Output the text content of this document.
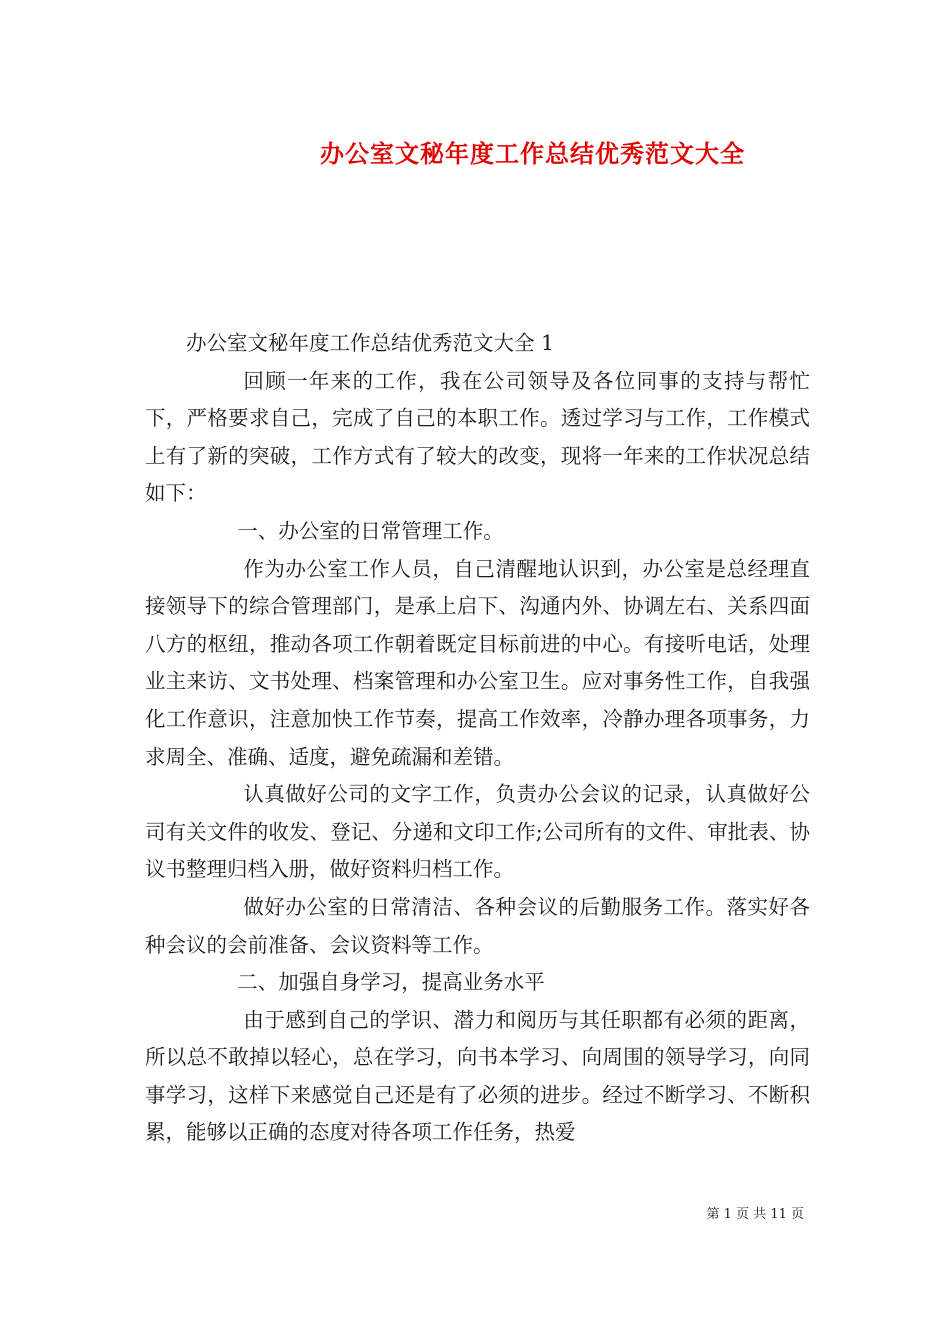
办公室文秘年度工作总结优秀范文大全

办公室文秘年度工作总结优秀范文大全 1

回顾一年来的工作，我在公司领导及各位同事的支持与帮忙下，严格要求自己，完成了自己的本职工作。透过学习与工作，工作模式上有了新的突破，工作方式有了较大的改变，现将一年来的工作状况总结如下：

一、办公室的日常管理工作。

作为办公室工作人员，自己清醒地认识到，办公室是总经理直接领导下的综合管理部门，是承上启下、沟通内外、协调左右、关系四面八方的枢纽，推动各项工作朝着既定目标前进的中心。有接听电话，处理业主来访、文书处理、档案管理和办公室卫生。应对事务性工作，自我强化工作意识，注意加快工作节奏，提高工作效率，冷静办理各项事务，力求周全、准确、适度，避免疏漏和差错。

认真做好公司的文字工作，负责办公会议的记录，认真做好公司有关文件的收发、登记、分递和文印工作;公司所有的文件、审批表、协议书整理归档入册，做好资料归档工作。

做好办公室的日常清洁、各种会议的后勤服务工作。落实好各种会议的会前准备、会议资料等工作。

二、加强自身学习，提高业务水平

由于感到自己的学识、潜力和阅历与其任职都有必须的距离，所以总不敢掉以轻心，总在学习，向书本学习、向周围的领导学习，向同事学习，这样下来感觉自己还是有了必须的进步。经过不断学习、不断积累，能够以正确的态度对待各项工作任务，热爱

第 1 页 共 11 页
